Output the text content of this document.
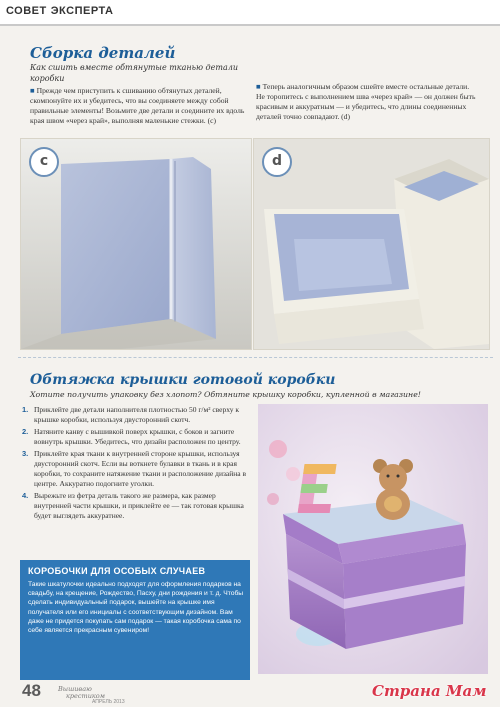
СОВЕТ ЭКСПЕРТА
Сборка деталей
Как сшить вместе обтянутые тканью детали коробки
■ Прежде чем приступить к сшиванию обтянутых деталей, скомпонуйте их и убедитесь, что вы соединяете между собой правильные элементы! Возьмите две детали и соедините их вдоль края швом «через край», выполняя маленькие стежки. (с)
■ Теперь аналогичным образом сшейте вместе остальные детали. Не торопитесь с выполнением шва «через край» — он должен быть красивым и аккуратным — и убедитесь, что длины соединенных деталей точно совпадают. (d)
c	d
Обтяжка крышки готовой коробки
Хотите получить упаковку без хлопот? Обтяните крышку коробки, купленной в магазине!
1. Приклейте две детали наполнителя плотностью 50 г/м² сверху к крышке коробки, используя двусторонний скотч.
2. Натяните канву с вышивкой поверх крышки, с боков и загните вовнутрь крышки. Убедитесь, что дизайн расположен по центру.
3. Приклейте края ткани к внутренней стороне крышки, используя двусторонний скотч. Если вы воткнете булавки в ткань и в края коробки, то сохраните натяжение ткани и расположение дизайна в центре. Аккуратно подогните уголки.
4. Вырежьте из фетра деталь такого же размера, как размер внутренней части крышки, и приклейте ее — так готовая крышка будет выглядеть аккуратнее.
КОРОБОЧКИ ДЛЯ ОСОБЫХ СЛУЧАЕВ
Такие шкатулочки идеально подходят для оформления подарков на свадьбу, на крещение, Рождество, Пасху, дни рождения и т. д. Чтобы сделать индивидуальный подарок, вышейте на крышке имя получателя или его инициалы с соответствующим дизайном. Вам даже не придется покупать сам подарок — такая коробочка сама по себе является прекрасным сувениром!
48	Вышиваю
крестиком
АПРЕЛЬ 2013
Страна Мам
